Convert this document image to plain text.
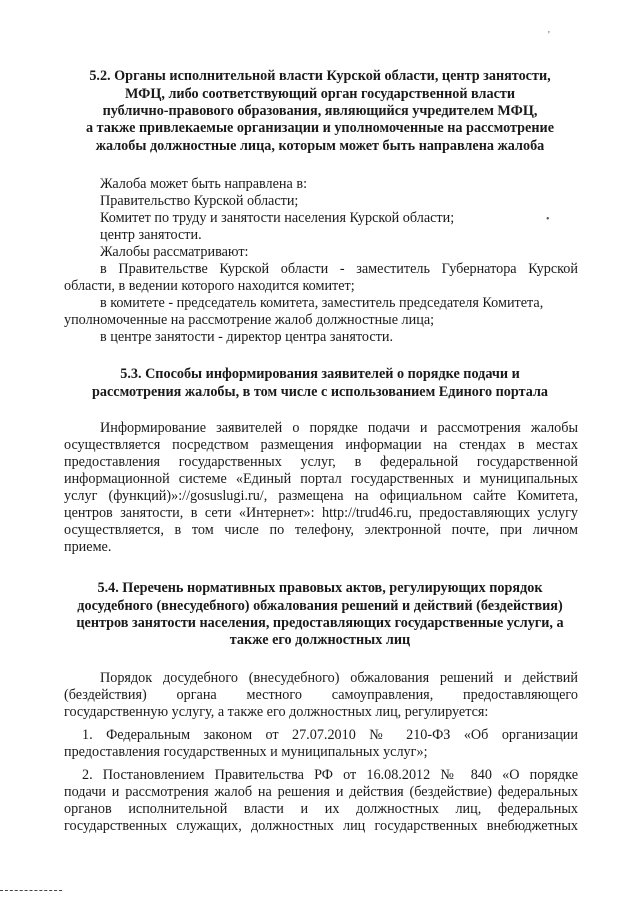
'

5.2. Органы исполнительной власти Курской области, центр занятости,

МФЦ, либо соответствующий орган государственной власти

публично-правового образования, являющийся учредителем МФЦ,

а также привлекаемые организации и уполномоченные на рассмотрение

жалобы должностные лица, которым может быть направлена жалоба

Жалоба может быть направлена в:

Правительство Курской области;

Комитет по труду и занятости населения Курской области;	•

центр занятости.

Жалобы рассматривают:

в Правительстве Курской области - заместитель Губернатора Курской

области, в ведении которого находится комитет;

в комитете - председатель комитета, заместитель председателя Комитета,

уполномоченные на рассмотрение жалоб должностные лица;

в центре занятости - директор центра занятости.

5.3. Способы информирования заявителей о порядке подачи и

рассмотрения жалобы, в том числе с использованием Единого портала

Информирование заявителей о порядке подачи и рассмотрения жалобы

осуществляется посредством размещения информации на стендах в местах

предоставления государственных услуг, в федеральной государственной

информационной системе «Единый портал государственных и муниципальных

услуг (функций)»://gosuslugi.ru/, размещена на официальном сайте Комитета,

центров занятости, в сети «Интернет»: http://trud46.ru, предоставляющих услугу

осуществляется, в том числе по телефону, электронной почте, при личном

приеме.

5.4. Перечень нормативных правовых актов, регулирующих порядок

досудебного (внесудебного) обжалования решений и действий (бездействия)

центров занятости населения, предоставляющих государственные услуги, а

также его должностных лиц

Порядок досудебного (внесудебного) обжалования решений и действий

(бездействия) органа местного самоуправления, предоставляющего

государственную услугу, а также его должностных лиц, регулируется:

1. Федеральным законом от 27.07.2010 № 210-ФЗ «Об организации

предоставления государственных и муниципальных услуг»;

2. Постановлением Правительства РФ от 16.08.2012 № 840 «О порядке

подачи и рассмотрения жалоб на решения и действия (бездействие) федеральных

органов исполнительной власти и их должностных лиц, федеральных

государственных служащих, должностных лиц государственных внебюджетных
